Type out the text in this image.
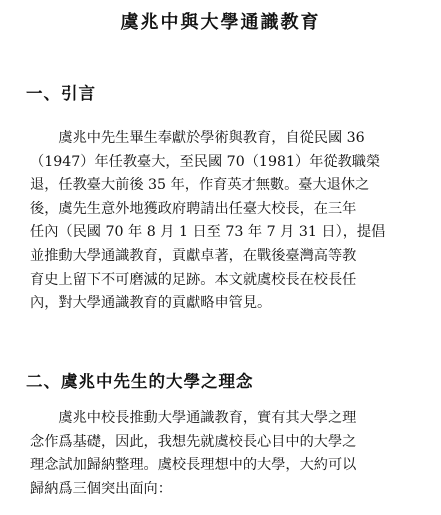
虞兆中與大學通識教育
一、引言

　　虞兆中先生畢生奉獻於學術與教育，自從民國 36
（1947）年任教臺大，至民國 70（1981）年從教職榮
退，任教臺大前後 35 年，作育英才無數。臺大退休之
後，虞先生意外地獲政府聘請出任臺大校長，在三年
任內（民國 70 年 8 月 1 日至 73 年 7 月 31 日），提倡
並推動大學通識教育，貢獻卓著，在戰後臺灣高等教
育史上留下不可磨滅的足跡。本文就虞校長在校長任
內，對大學通識教育的貢獻略申管見。

二、虞兆中先生的大學之理念

　　虞兆中校長推動大學通識教育，實有其大學之理
念作爲基礎，因此，我想先就虞校長心目中的大學之
理念試加歸納整理。虞校長理想中的大學，大約可以
歸納爲三個突出面向：
